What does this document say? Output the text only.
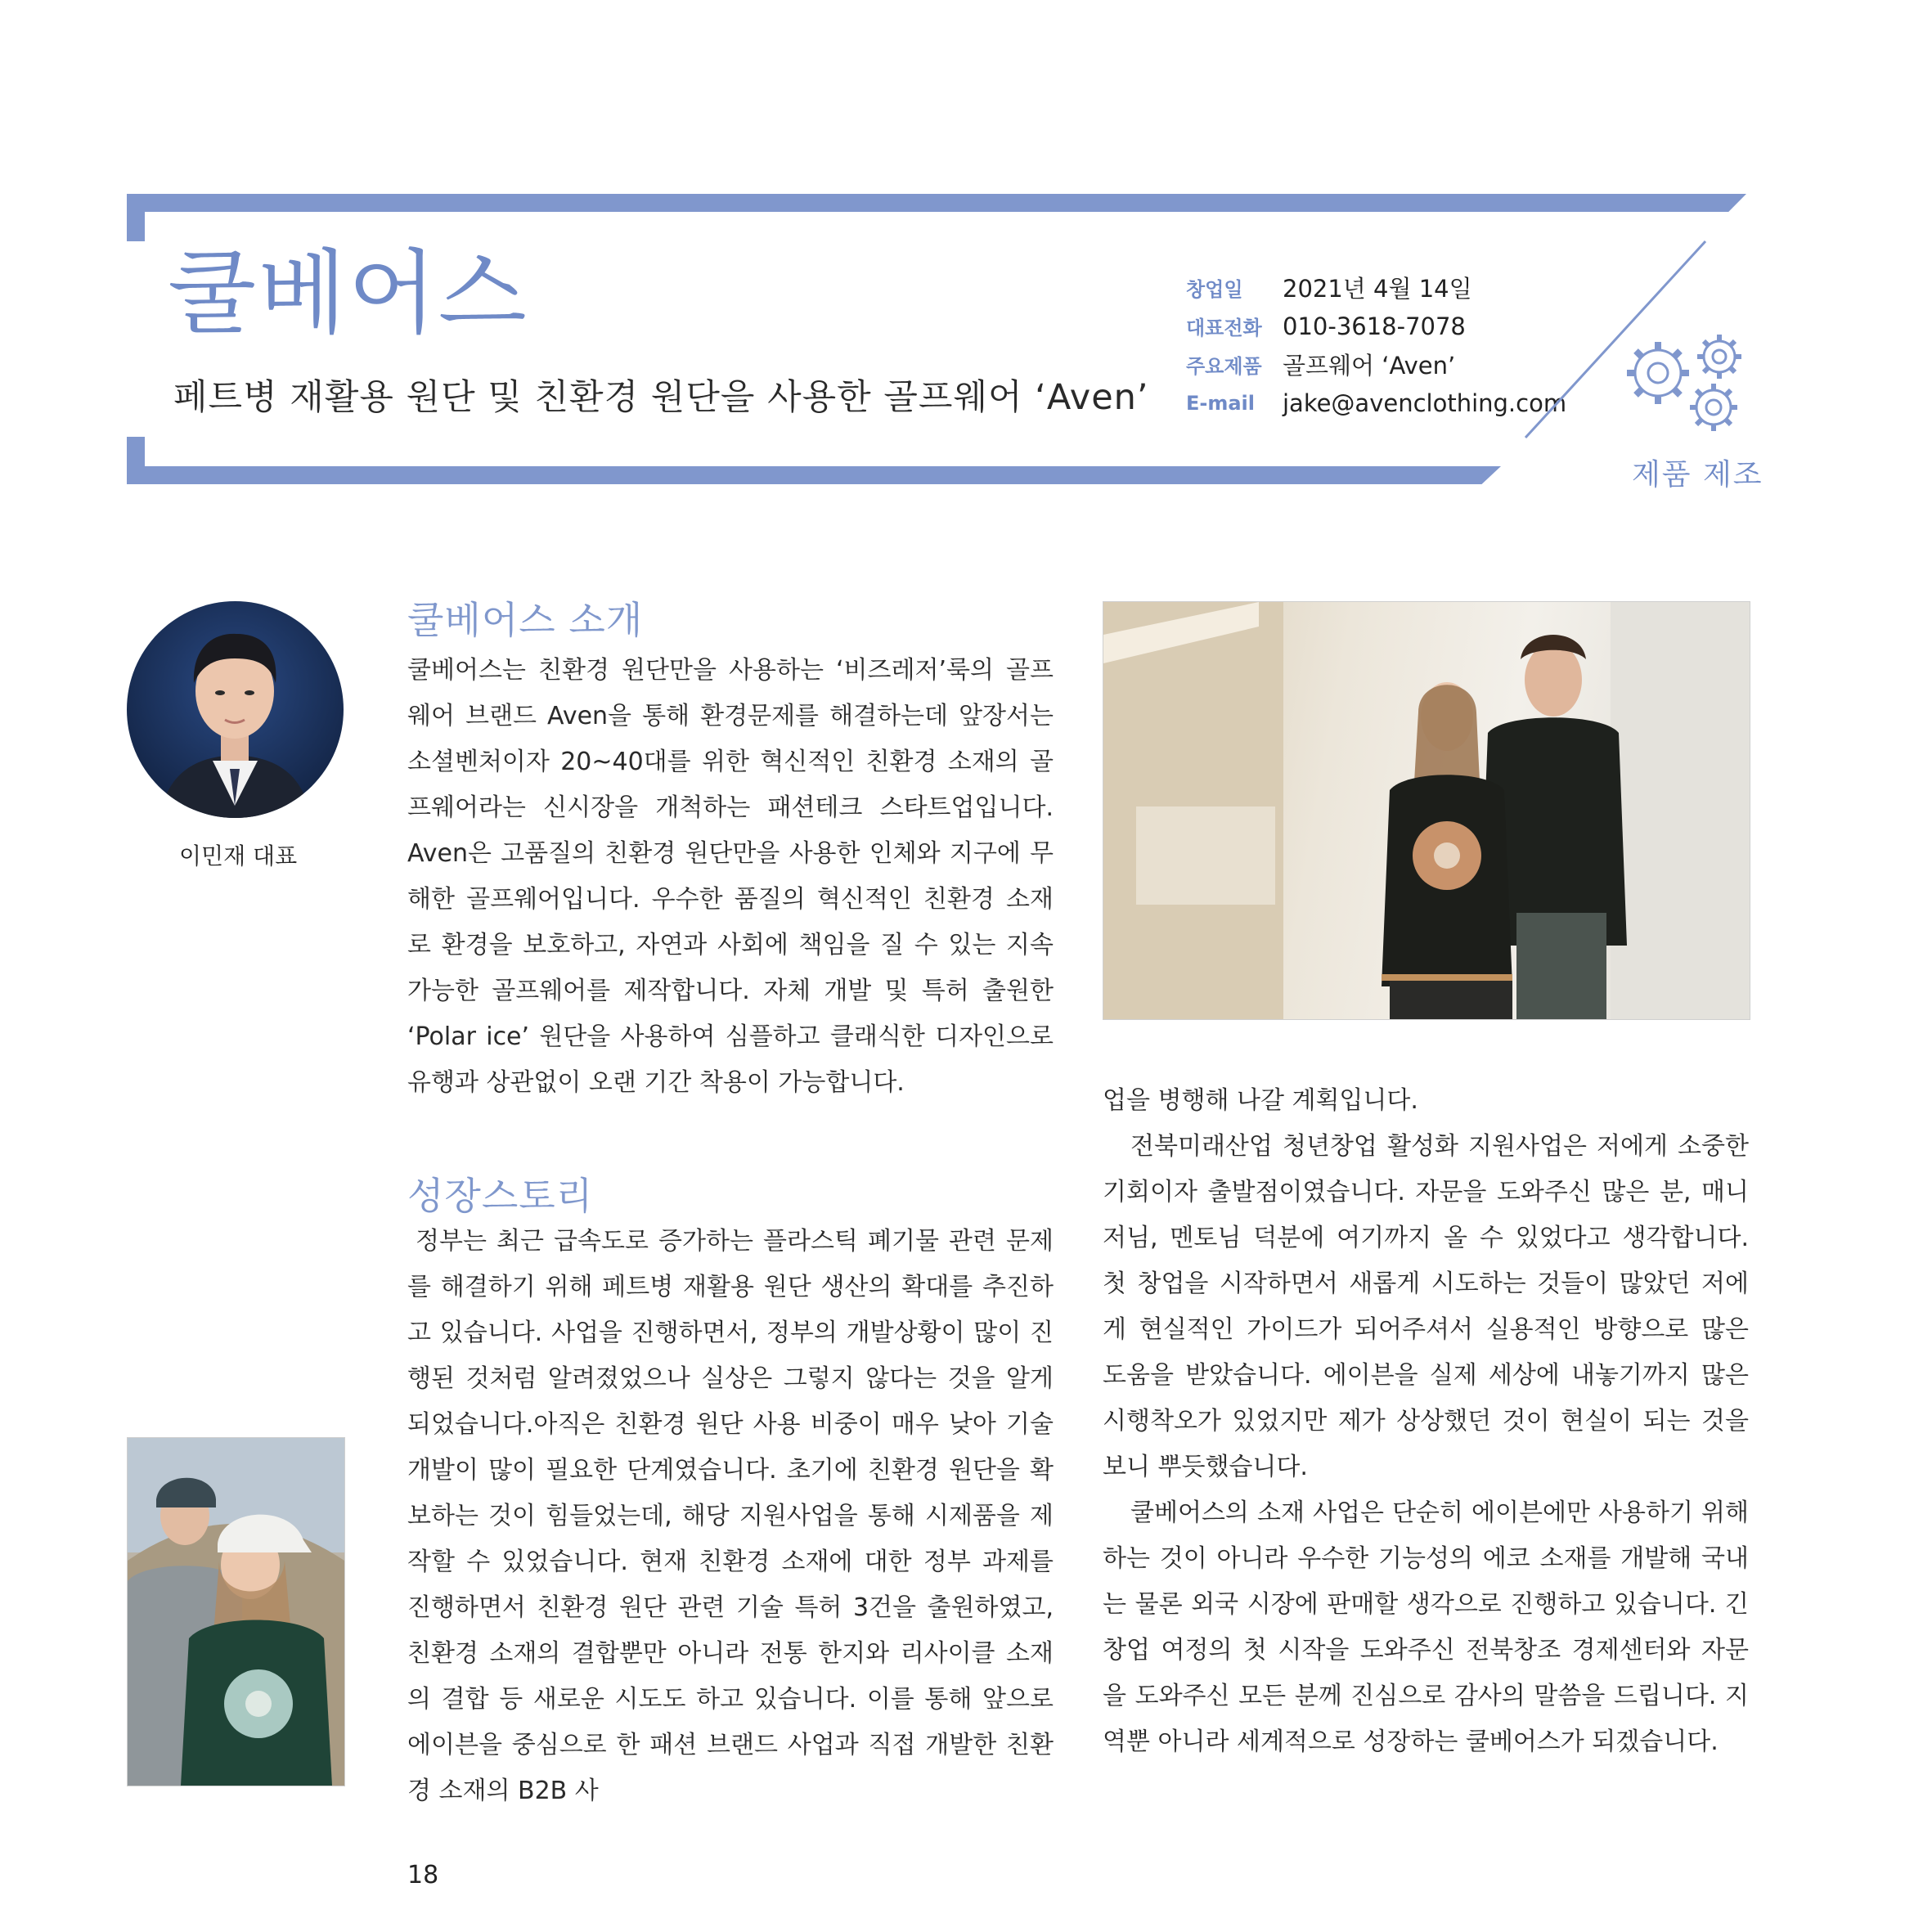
쿨베어스
페트병 재활용 원단 및 친환경 원단을 사용한 골프웨어 ‘Aven’
창업일	2021년 4월 14일
대표전화 010-3618-7078
주요제품 골프웨어 ‘Aven’
E-mail	jake@avenclothing.com
제품 제조
이민재 대표
쿨베어스 소개

쿨베어스는 친환경 원단만을 사용하는 ‘비즈레저’룩의 골프웨어 브랜드 Aven을 통해 환경문제를 해결하는데 앞장서는 소셜벤처이자 20~40대를 위한 혁신적인 친환경 소재의 골프웨어라는 신시장을 개척하는 패션테크 스타트업입니다. Aven은 고품질의 친환경 원단만을 사용한 인체와 지구에 무해한 골프웨어입니다. 우수한 품질의 혁신적인 친환경 소재로 환경을 보호하고, 자연과 사회에 책임을 질 수 있는 지속가능한 골프웨어를 제작합니다. 자체 개발 및 특허 출원한 ‘Polar ice’ 원단을 사용하여 심플하고 클래식한 디자인으로 유행과 상관없이 오랜 기간 착용이 가능합니다.

성장스토리

정부는 최근 급속도로 증가하는 플라스틱 폐기물 관련 문제를 해결하기 위해 페트병 재활용 원단 생산의 확대를 추진하고 있습니다. 사업을 진행하면서, 정부의 개발상황이 많이 진행된 것처럼 알려졌었으나 실상은 그렇지 않다는 것을 알게 되었습니다.아직은 친환경 원단 사용 비중이 매우 낮아 기술 개발이 많이 필요한 단계였습니다. 초기에 친환경 원단을 확보하는 것이 힘들었는데, 해당 지원사업을 통해 시제품을 제작할 수 있었습니다. 현재 친환경 소재에 대한 정부 과제를 진행하면서 친환경 원단 관련 기술 특허 3건을 출원하였고, 친환경 소재의 결합뿐만 아니라 전통 한지와 리사이클 소재의 결합 등 새로운 시도도 하고 있습니다. 이를 통해 앞으로 에이븐을 중심으로 한 패션 브랜드 사업과 직접 개발한 친환경 소재의 B2B 사

업을 병행해 나갈 계획입니다.

전북미래산업 청년창업 활성화 지원사업은 저에게 소중한 기회이자 출발점이였습니다. 자문을 도와주신 많은 분, 매니저님, 멘토님 덕분에 여기까지 올 수 있었다고 생각합니다. 첫 창업을 시작하면서 새롭게 시도하는 것들이 많았던 저에게 현실적인 가이드가 되어주셔서 실용적인 방향으로 많은 도움을 받았습니다. 에이븐을 실제 세상에 내놓기까지 많은 시행착오가 있었지만 제가 상상했던 것이 현실이 되는 것을 보니 뿌듯했습니다.

쿨베어스의 소재 사업은 단순히 에이븐에만 사용하기 위해 하는 것이 아니라 우수한 기능성의 에코 소재를 개발해 국내는 물론 외국 시장에 판매할 생각으로 진행하고 있습니다. 긴 창업 여정의 첫 시작을 도와주신 전북창조 경제센터와 자문을 도와주신 모든 분께 진심으로 감사의 말씀을 드립니다. 지역뿐 아니라 세계적으로 성장하는 쿨베어스가 되겠습니다.

18
